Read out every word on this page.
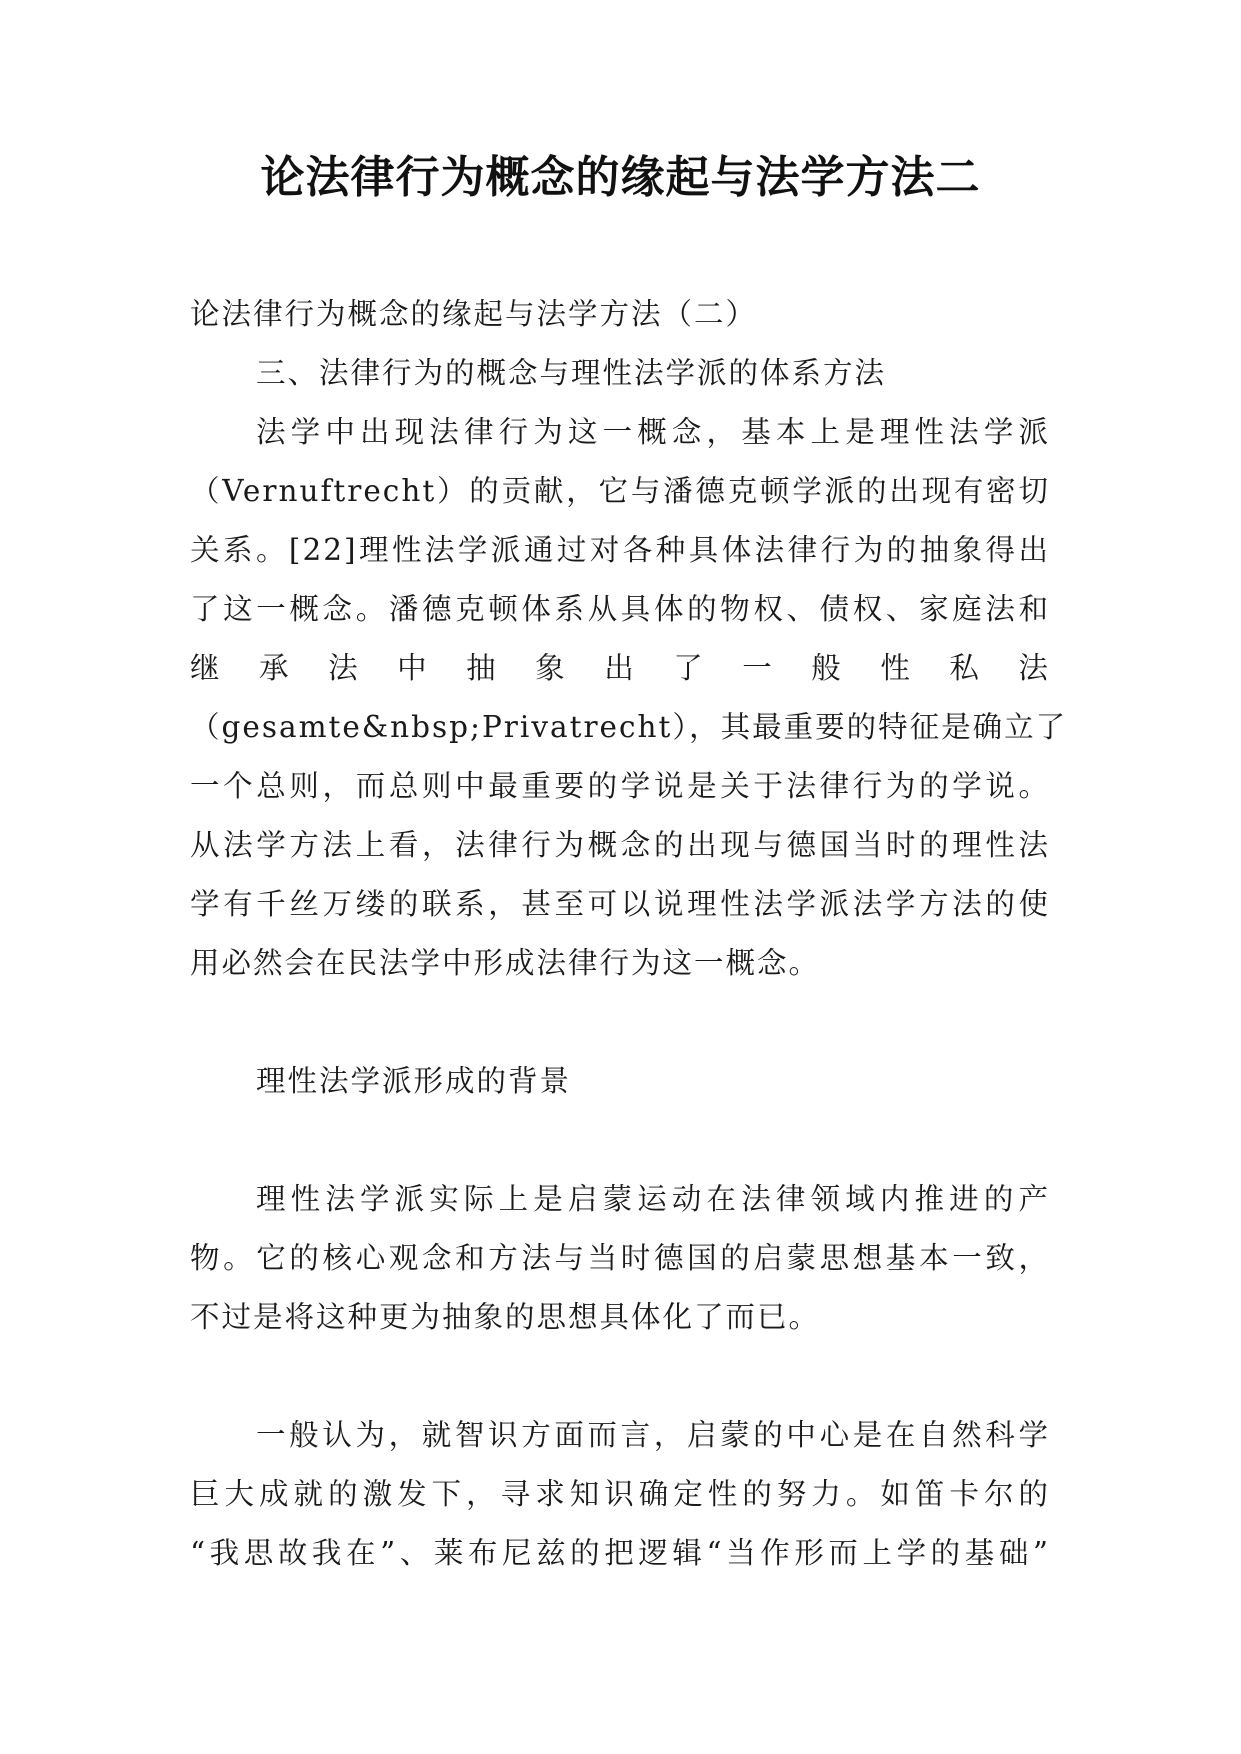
论法律行为概念的缘起与法学方法二
论法律行为概念的缘起与法学方法（二）
三、法律行为的概念与理性法学派的体系方法
法学中出现法律行为这一概念，基本上是理性法学派
（Vernuftrecht）的贡献，它与潘德克顿学派的出现有密切
关系。[22]理性法学派通过对各种具体法律行为的抽象得出
了这一概念。潘德克顿体系从具体的物权、债权、家庭法和
继 承 法 中 抽 象 出 了 一 般 性 私 法
（gesamte&nbsp;Privatrecht），其最重要的特征是确立了
一个总则，而总则中最重要的学说是关于法律行为的学说。
从法学方法上看，法律行为概念的出现与德国当时的理性法
学有千丝万缕的联系，甚至可以说理性法学派法学方法的使
用必然会在民法学中形成法律行为这一概念。
理性法学派形成的背景
理性法学派实际上是启蒙运动在法律领域内推进的产
物。它的核心观念和方法与当时德国的启蒙思想基本一致，
不过是将这种更为抽象的思想具体化了而已。
一般认为，就智识方面而言，启蒙的中心是在自然科学
巨大成就的激发下，寻求知识确定性的努力。如笛卡尔的
“我思故我在”、莱布尼兹的把逻辑“当作形而上学的基础”
